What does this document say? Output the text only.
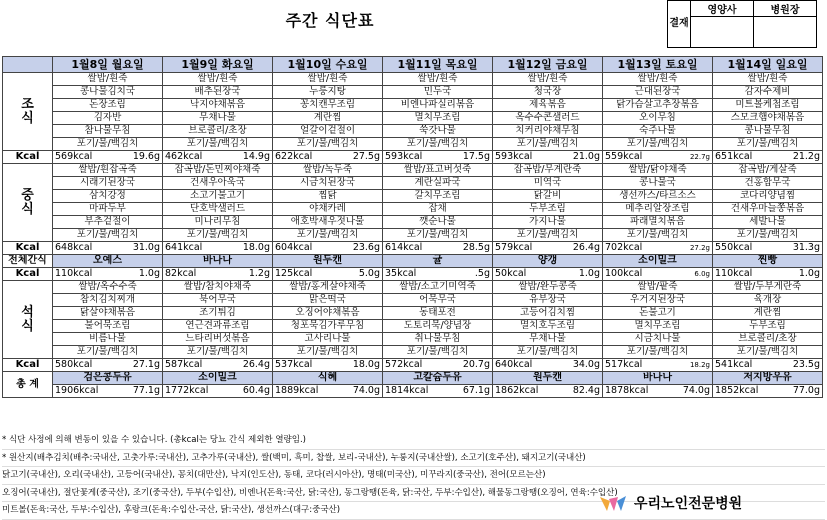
주간 식단표	결재	영양사	병원장

	1월8일 월요일	1월9일 화요일	1월10일 수요일	1월11일 목요일	1월12일 금요일	1월13일 토요일	1월14일 일요일
조식	쌀밥/흰죽	쌀밥/흰죽	쌀밥/흰죽	쌀밥/흰죽	쌀밥/흰죽	쌀밥/흰죽	쌀밥/흰죽
	콩나물김치국	배추된장국	누룽지탕	민두국	청국장	근대된장국	감자수제비
	돈장조림	낙지야채볶음	꽁치캔무조림	비엔나파실리볶음	제육볶음	닭가슴살고추장볶음	미트볼케첩조림
	김자반	무채나물	계란찜	멸치무조림	옥수수콘샐러드	오이무침	스모크햄야채볶음
	참나물무침	브로콜리/초장	얼갈이겉절이	쑥갓나물	치커리야채무침	숙주나물	콩나물무침
	포기/물/백김치	포기/물/백김치	포기/물/백김치	포기/물/백김치	포기/물/백김치	포기/물/백김치	포기/물/백김치
Kcal	569kcal 19.6g	462kcal 14.9g	622kcal 27.5g	593kcal 17.5g	593kcal 21.0g	559kcal 22.7g	651kcal 21.2g

중식	쌀밥/흰잡곡죽	잡곡밥/돈민찌야채죽	쌀밥/녹두죽	쌀밥/표고버섯죽	잡곡밥/무계란죽	쌀밥/닭야채죽	잡곡밥/게살죽
	시래기된장국	건새우아욱국	시금치된장국	계란실파국	미역국	콩나물국	건홍합무국
	삼치강정	소고기불고기	찜닭	갈치무조림	닭갈비	생선까스/타르소스	코다리양념찜
	마파두부	단호박샐러드	야채카레	잡채	두부조림	메추리알장조림	건새우마늘쫑볶음
	부추겉절이	미나리무침	애호박새우젓나물	깻순나물	가지나물	파래멸치볶음	세발나물
	포기/물/백김치	포기/물/백김치	포기/물/백김치	포기/물/백김치	포기/물/백김치	포기/물/백김치	포기/물/백김치
Kcal	648kcal 31.0g	641kcal 18.0g	604kcal 23.6g	614kcal 28.5g	579kcal 26.4g	702kcal 27.2g	550kcal 31.3g

전체간식	오예스	바나나	원두캔	귤	양갱	소이밀크	찐빵
Kcal	110kcal 1.0g	82kcal 1.2g	125kcal 5.0g	35kcal .5g	50kcal 1.0g	100kcal 6.0g	110kcal 1.0g

석식	쌀밥/옥수수죽	쌀밥/참치야채죽	쌀밥/홍게살야채죽	쌀밥/소고기미역죽	쌀밥/완두콩죽	쌀밥/팥죽	쌀밥/두부게란죽
	참치김치찌개	북어무국	맑은떡국	어묵무국	유부장국	우거지된장국	육개장
	닭살야채볶음	조기튀김	오징어야채볶음	동태포전	고등어김치찜	돈불고기	계란찜
	불어묵조림	연근견과류조림	청포묵김가루무침	도토리묵/양념장	멸치호두조림	멸치무조림	두부조림
	비름나물	느타리버섯볶음	고사리나물	취나물무침	무채나물	시금치나물	브로콜리/초장
	포기/물/백김치	포기/물/백김치	포기/물/백김치	포기/물/백김치	포기/물/백김치	포기/물/백김치	포기/물/백김치
Kcal	580kcal 27.1g	587kcal 26.4g	537kcal 18.0g	572kcal 20.7g	640kcal 34.0g	517kcal 18.2g	541kcal 23.5g

총 계	검은콩두유	소이밀크	식혜	고칼슘두유	원두캔	바나나	저지방우유
	1906kcal 77.1g	1772kcal 60.4g	1889kcal 74.0g	1814kcal 67.1g	1862kcal 82.4g	1878kcal 74.0g	1852kcal 77.0g
* 식단 사정에 의해 변동이 있을 수 있습니다. (총kcal는 당뇨 간식 제외한 열량임.)
* 원산지(배추김치(배추:국내산, 고춧가루:국내산), 고추가루(국내산), 쌀(백미, 흑미, 찹쌀, 보리-국내산), 누룽지(국내산쌀), 소고기(호주산), 돼지고기(국내산)
닭고기(국내산), 오리(국내산), 고등어(국내산), 꽁치(대만산), 낙지(인도산), 동태, 코다(러시아산), 명태(미국산), 미꾸라지(중국산), 전어(모르는산)
오징어(국내산), 절단꽃게(중국산), 조기(중국산), 두부(수입산), 비엔나(돈육:국산, 닭:국산), 동그랑땡(돈육, 닭:국산, 두부:수입산), 해물동그랑땡(오징어, 연육:수입산)
미트볼(돈육:국산, 두부:수입산), 후랑크(돈육:수입산-국산, 닭:국산), 생선까스(대구:중국산)	우리노인전문병원
